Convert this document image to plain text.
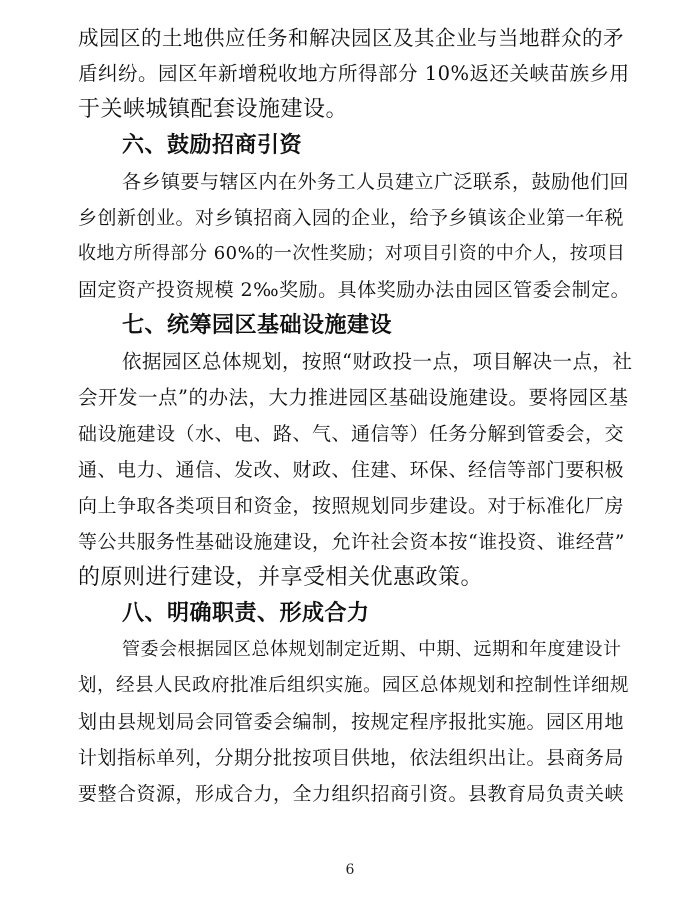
成园区的土地供应任务和解决园区及其企业与当地群众的矛
盾纠纷。园区年新增税收地方所得部分 10%返还关峡苗族乡用
于关峡城镇配套设施建设。
六、鼓励招商引资
各乡镇要与辖区内在外务工人员建立广泛联系，鼓励他们回
乡创新创业。对乡镇招商入园的企业，给予乡镇该企业第一年税
收地方所得部分 60%的一次性奖励；对项目引资的中介人，按项目
固定资产投资规模 2‰奖励。具体奖励办法由园区管委会制定。
七、统筹园区基础设施建设
依据园区总体规划，按照“财政投一点，项目解决一点，社
会开发一点”的办法，大力推进园区基础设施建设。要将园区基
础设施建设（水、电、路、气、通信等）任务分解到管委会，交
通、电力、通信、发改、财政、住建、环保、经信等部门要积极
向上争取各类项目和资金，按照规划同步建设。对于标准化厂房
等公共服务性基础设施建设，允许社会资本按“谁投资、谁经营”
的原则进行建设，并享受相关优惠政策。
八、明确职责、形成合力
管委会根据园区总体规划制定近期、中期、远期和年度建设计
划，经县人民政府批准后组织实施。园区总体规划和控制性详细规
划由县规划局会同管委会编制，按规定程序报批实施。园区用地
计划指标单列，分期分批按项目供地，依法组织出让。县商务局
要整合资源，形成合力，全力组织招商引资。县教育局负责关峡
6
